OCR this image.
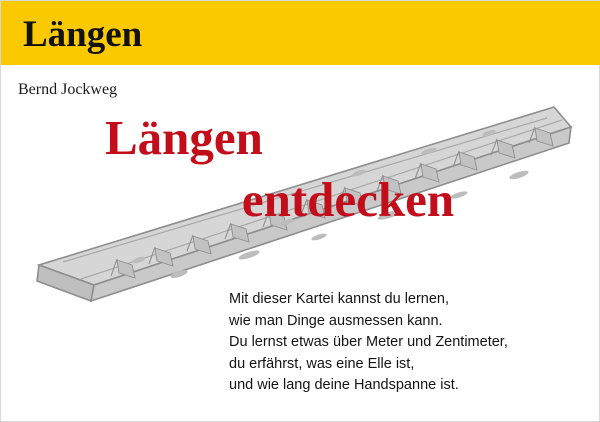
Längen
Bernd Jockweg
Längen
entdecken
Mit dieser Kartei kannst du lernen,
wie man Dinge ausmessen kann.
Du lernst etwas über Meter und Zentimeter,
du erfährst, was eine Elle ist,
und wie lang deine Handspanne ist.
